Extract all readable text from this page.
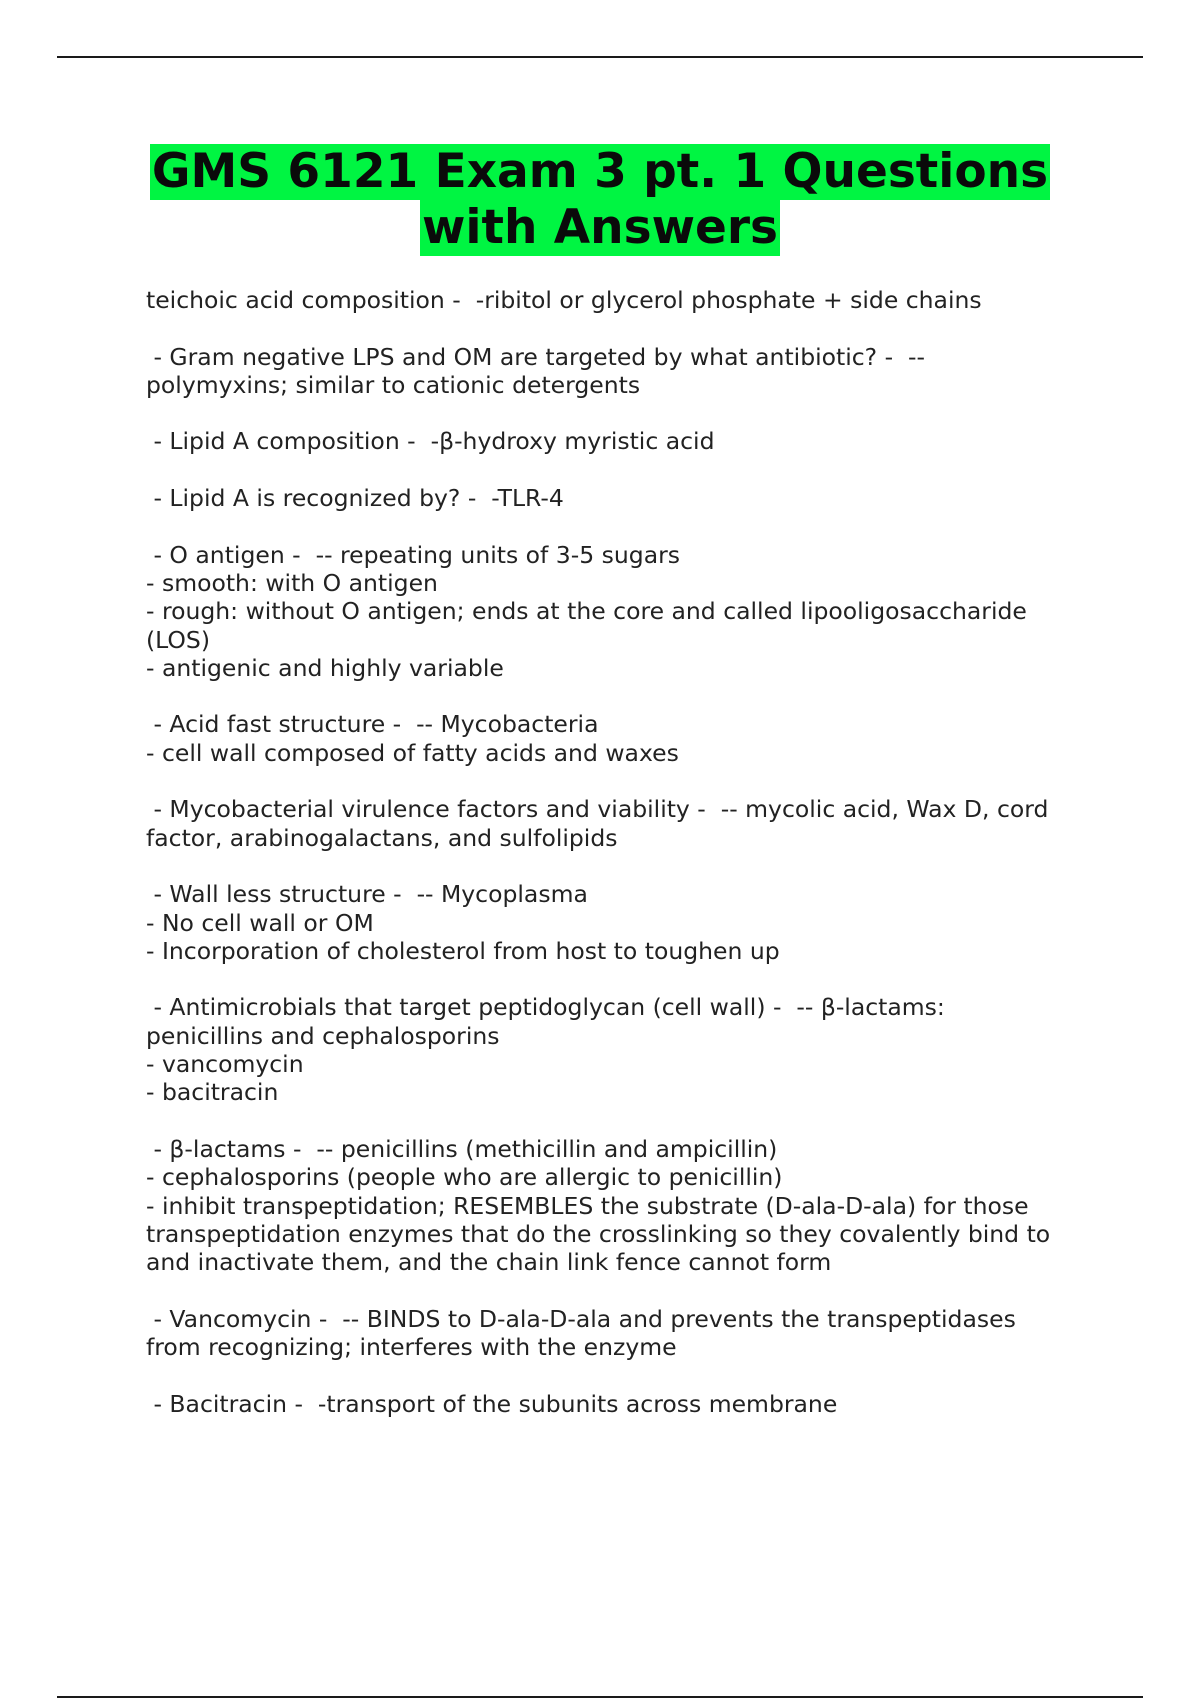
GMS 6121 Exam 3 pt. 1 Questions
with Answers
teichoic acid composition -  -ribitol or glycerol phosphate + side chains
- Gram negative LPS and OM are targeted by what antibiotic? -  --
polymyxins; similar to cationic detergents
- Lipid A composition -  -β-hydroxy myristic acid
- Lipid A is recognized by? -  -TLR-4
- O antigen -  -- repeating units of 3-5 sugars
- smooth: with O antigen
- rough: without O antigen; ends at the core and called lipooligosaccharide
(LOS)
- antigenic and highly variable
- Acid fast structure -  -- Mycobacteria
- cell wall composed of fatty acids and waxes
- Mycobacterial virulence factors and viability -  -- mycolic acid, Wax D, cord
factor, arabinogalactans, and sulfolipids
- Wall less structure -  -- Mycoplasma
- No cell wall or OM
- Incorporation of cholesterol from host to toughen up
- Antimicrobials that target peptidoglycan (cell wall) -  -- β-lactams:
penicillins and cephalosporins
- vancomycin
- bacitracin
- β-lactams -  -- penicillins (methicillin and ampicillin)
- cephalosporins (people who are allergic to penicillin)
- inhibit transpeptidation; RESEMBLES the substrate (D-ala-D-ala) for those
transpeptidation enzymes that do the crosslinking so they covalently bind to
and inactivate them, and the chain link fence cannot form
- Vancomycin -  -- BINDS to D-ala-D-ala and prevents the transpeptidases
from recognizing; interferes with the enzyme
- Bacitracin -  -transport of the subunits across membrane
